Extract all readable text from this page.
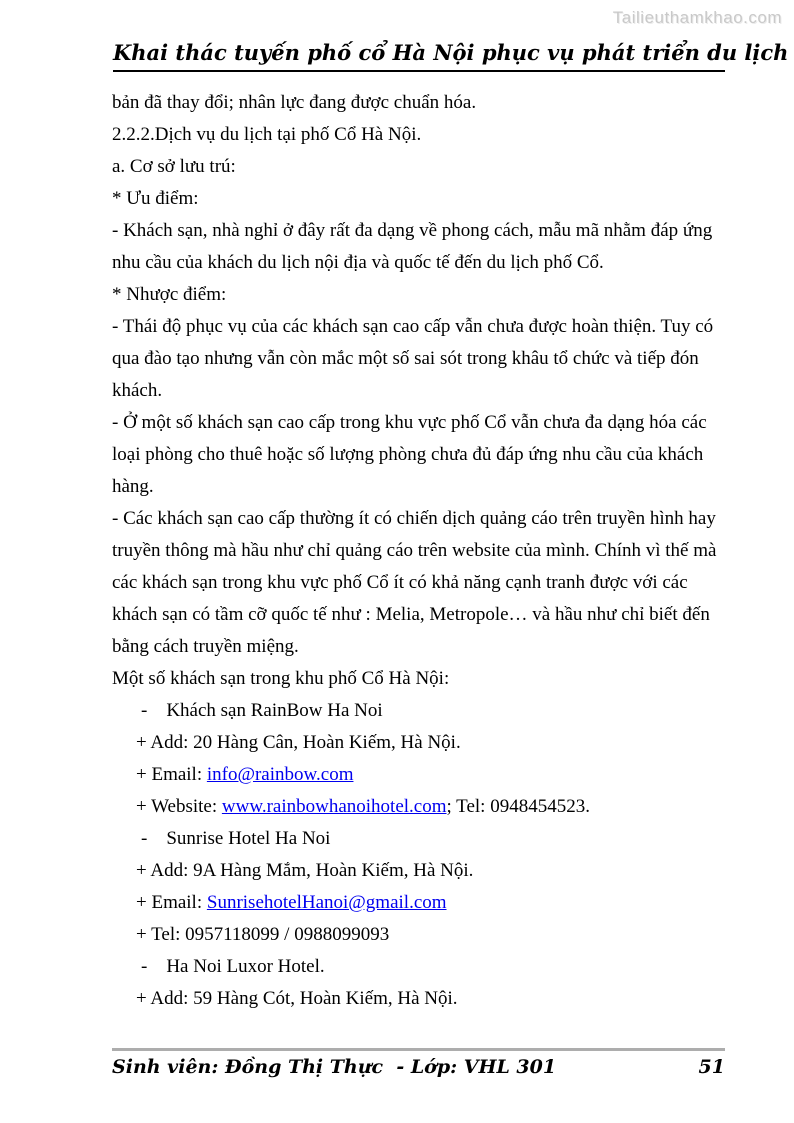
Tailieuthamkhao.com
Khai thác tuyến phố cổ Hà Nội phục vụ phát triển du lịch
bản đã thay đổi; nhân lực đang được chuẩn hóa.
2.2.2.Dịch vụ du lịch tại phố Cổ Hà Nội.
a. Cơ sở lưu trú:
* Ưu điểm:
- Khách sạn, nhà nghỉ ở đây rất đa dạng về phong cách, mẫu mã nhằm đáp ứng
nhu cầu của khách du lịch nội địa và quốc tế đến du lịch phố Cổ.
* Nhược điểm:
- Thái độ phục vụ của các khách sạn cao cấp vẫn chưa được hoàn thiện. Tuy có
qua đào tạo nhưng vẫn còn mắc một số sai sót trong khâu tổ chức và tiếp đón
khách.
- Ở một số khách sạn cao cấp trong khu vực phố Cổ vẫn chưa đa dạng hóa các
loại phòng cho thuê hoặc số lượng phòng chưa đủ đáp ứng nhu cầu của khách
hàng.
- Các khách sạn cao cấp thường ít có chiến dịch quảng cáo trên truyền hình hay
truyền thông mà hầu như chỉ quảng cáo trên website của mình. Chính vì thế mà
các khách sạn trong khu vực phố Cổ ít có khả năng cạnh tranh được với các
khách sạn có tầm cỡ quốc tế như : Melia, Metropole… và hầu như chỉ biết đến
bằng cách truyền miệng.
Một số khách sạn trong khu phố Cổ Hà Nội:
-    Khách sạn RainBow Ha Noi
+ Add: 20 Hàng Cân, Hoàn Kiếm, Hà Nội.
+ Email: info@rainbow.com
+ Website: www.rainbowhanoihotel.com; Tel: 0948454523.
-    Sunrise Hotel Ha Noi
+ Add: 9A Hàng Mắm, Hoàn Kiếm, Hà Nội.
+ Email: SunrisehotelHanoi@gmail.com
+ Tel: 0957118099 / 0988099093
-    Ha Noi Luxor Hotel.
+ Add: 59 Hàng Cót, Hoàn Kiếm, Hà Nội.
Sinh viên: Đồng Thị Thực  - Lớp: VHL 301	51
